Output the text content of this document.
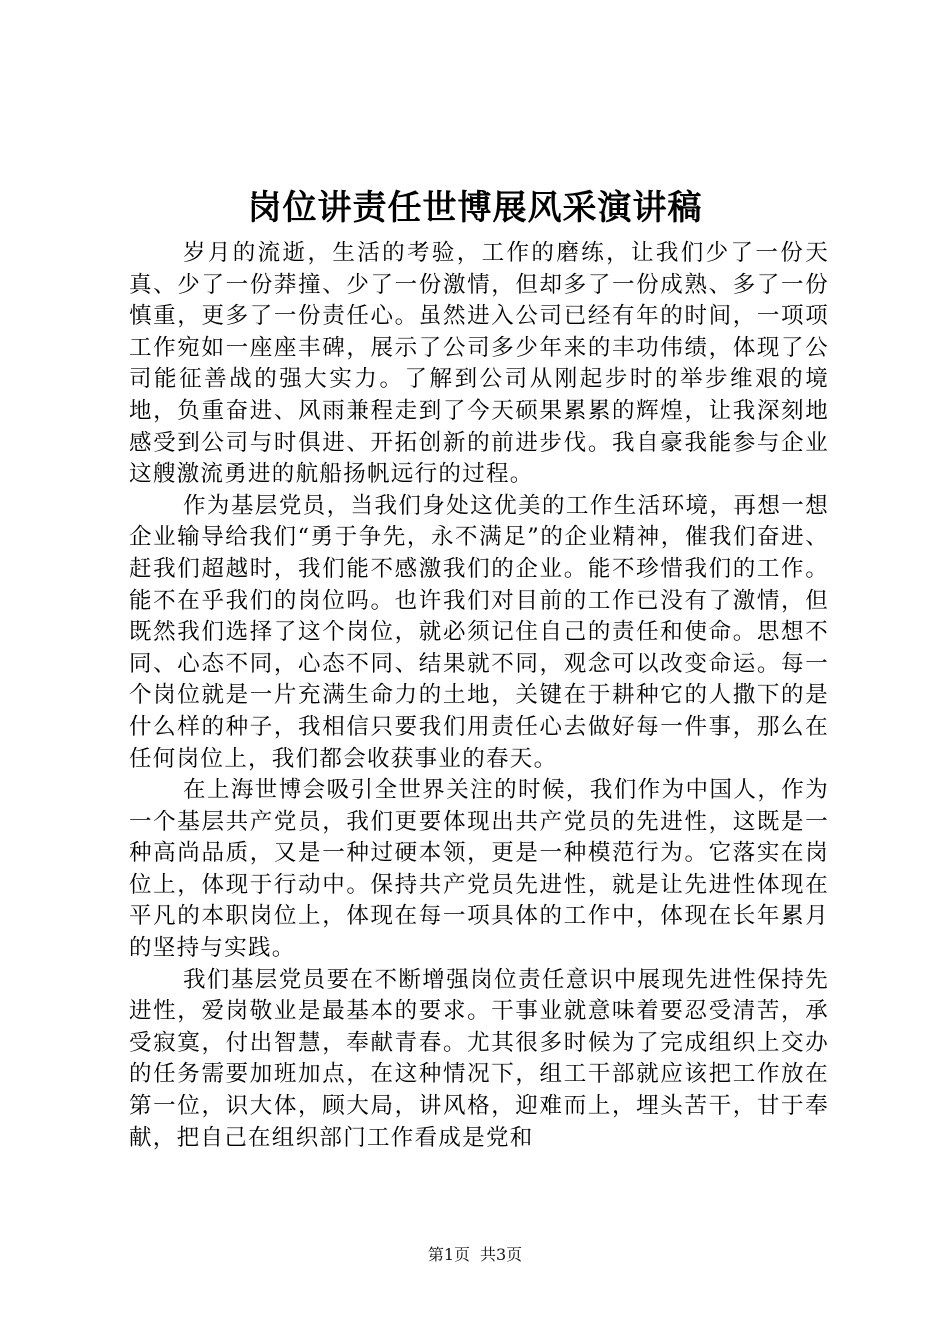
岗位讲责任世博展风采演讲稿

岁月的流逝，生活的考验，工作的磨练，让我们少了一份天真、少了一份莽撞、少了一份激情，但却多了一份成熟、多了一份慎重，更多了一份责任心。虽然进入公司已经有年的时间，一项项工作宛如一座座丰碑，展示了公司多少年来的丰功伟绩，体现了公司能征善战的强大实力。了解到公司从刚起步时的举步维艰的境地，负重奋进、风雨兼程走到了今天硕果累累的辉煌，让我深刻地感受到公司与时俱进、开拓创新的前进步伐。我自豪我能参与企业这艘激流勇进的航船扬帆远行的过程。

作为基层党员，当我们身处这优美的工作生活环境，再想一想企业输导给我们“勇于争先，永不满足”的企业精神，催我们奋进、赶我们超越时，我们能不感激我们的企业。能不珍惜我们的工作。能不在乎我们的岗位吗。也许我们对目前的工作已没有了激情，但既然我们选择了这个岗位，就必须记住自己的责任和使命。思想不同、心态不同，心态不同、结果就不同，观念可以改变命运。每一个岗位就是一片充满生命力的土地，关键在于耕种它的人撒下的是什么样的种子，我相信只要我们用责任心去做好每一件事，那么在任何岗位上，我们都会收获事业的春天。

在上海世博会吸引全世界关注的时候，我们作为中国人，作为一个基层共产党员，我们更要体现出共产党员的先进性，这既是一种高尚品质，又是一种过硬本领，更是一种模范行为。它落实在岗位上，体现于行动中。保持共产党员先进性，就是让先进性体现在平凡的本职岗位上，体现在每一项具体的工作中，体现在长年累月的坚持与实践。

我们基层党员要在不断增强岗位责任意识中展现先进性保持先进性，爱岗敬业是最基本的要求。干事业就意味着要忍受清苦，承受寂寞，付出智慧，奉献青春。尤其很多时候为了完成组织上交办的任务需要加班加点，在这种情况下，组工干部就应该把工作放在第一位，识大体，顾大局，讲风格，迎难而上，埋头苦干，甘于奉献，把自己在组织部门工作看成是党和

第1页 共3页
